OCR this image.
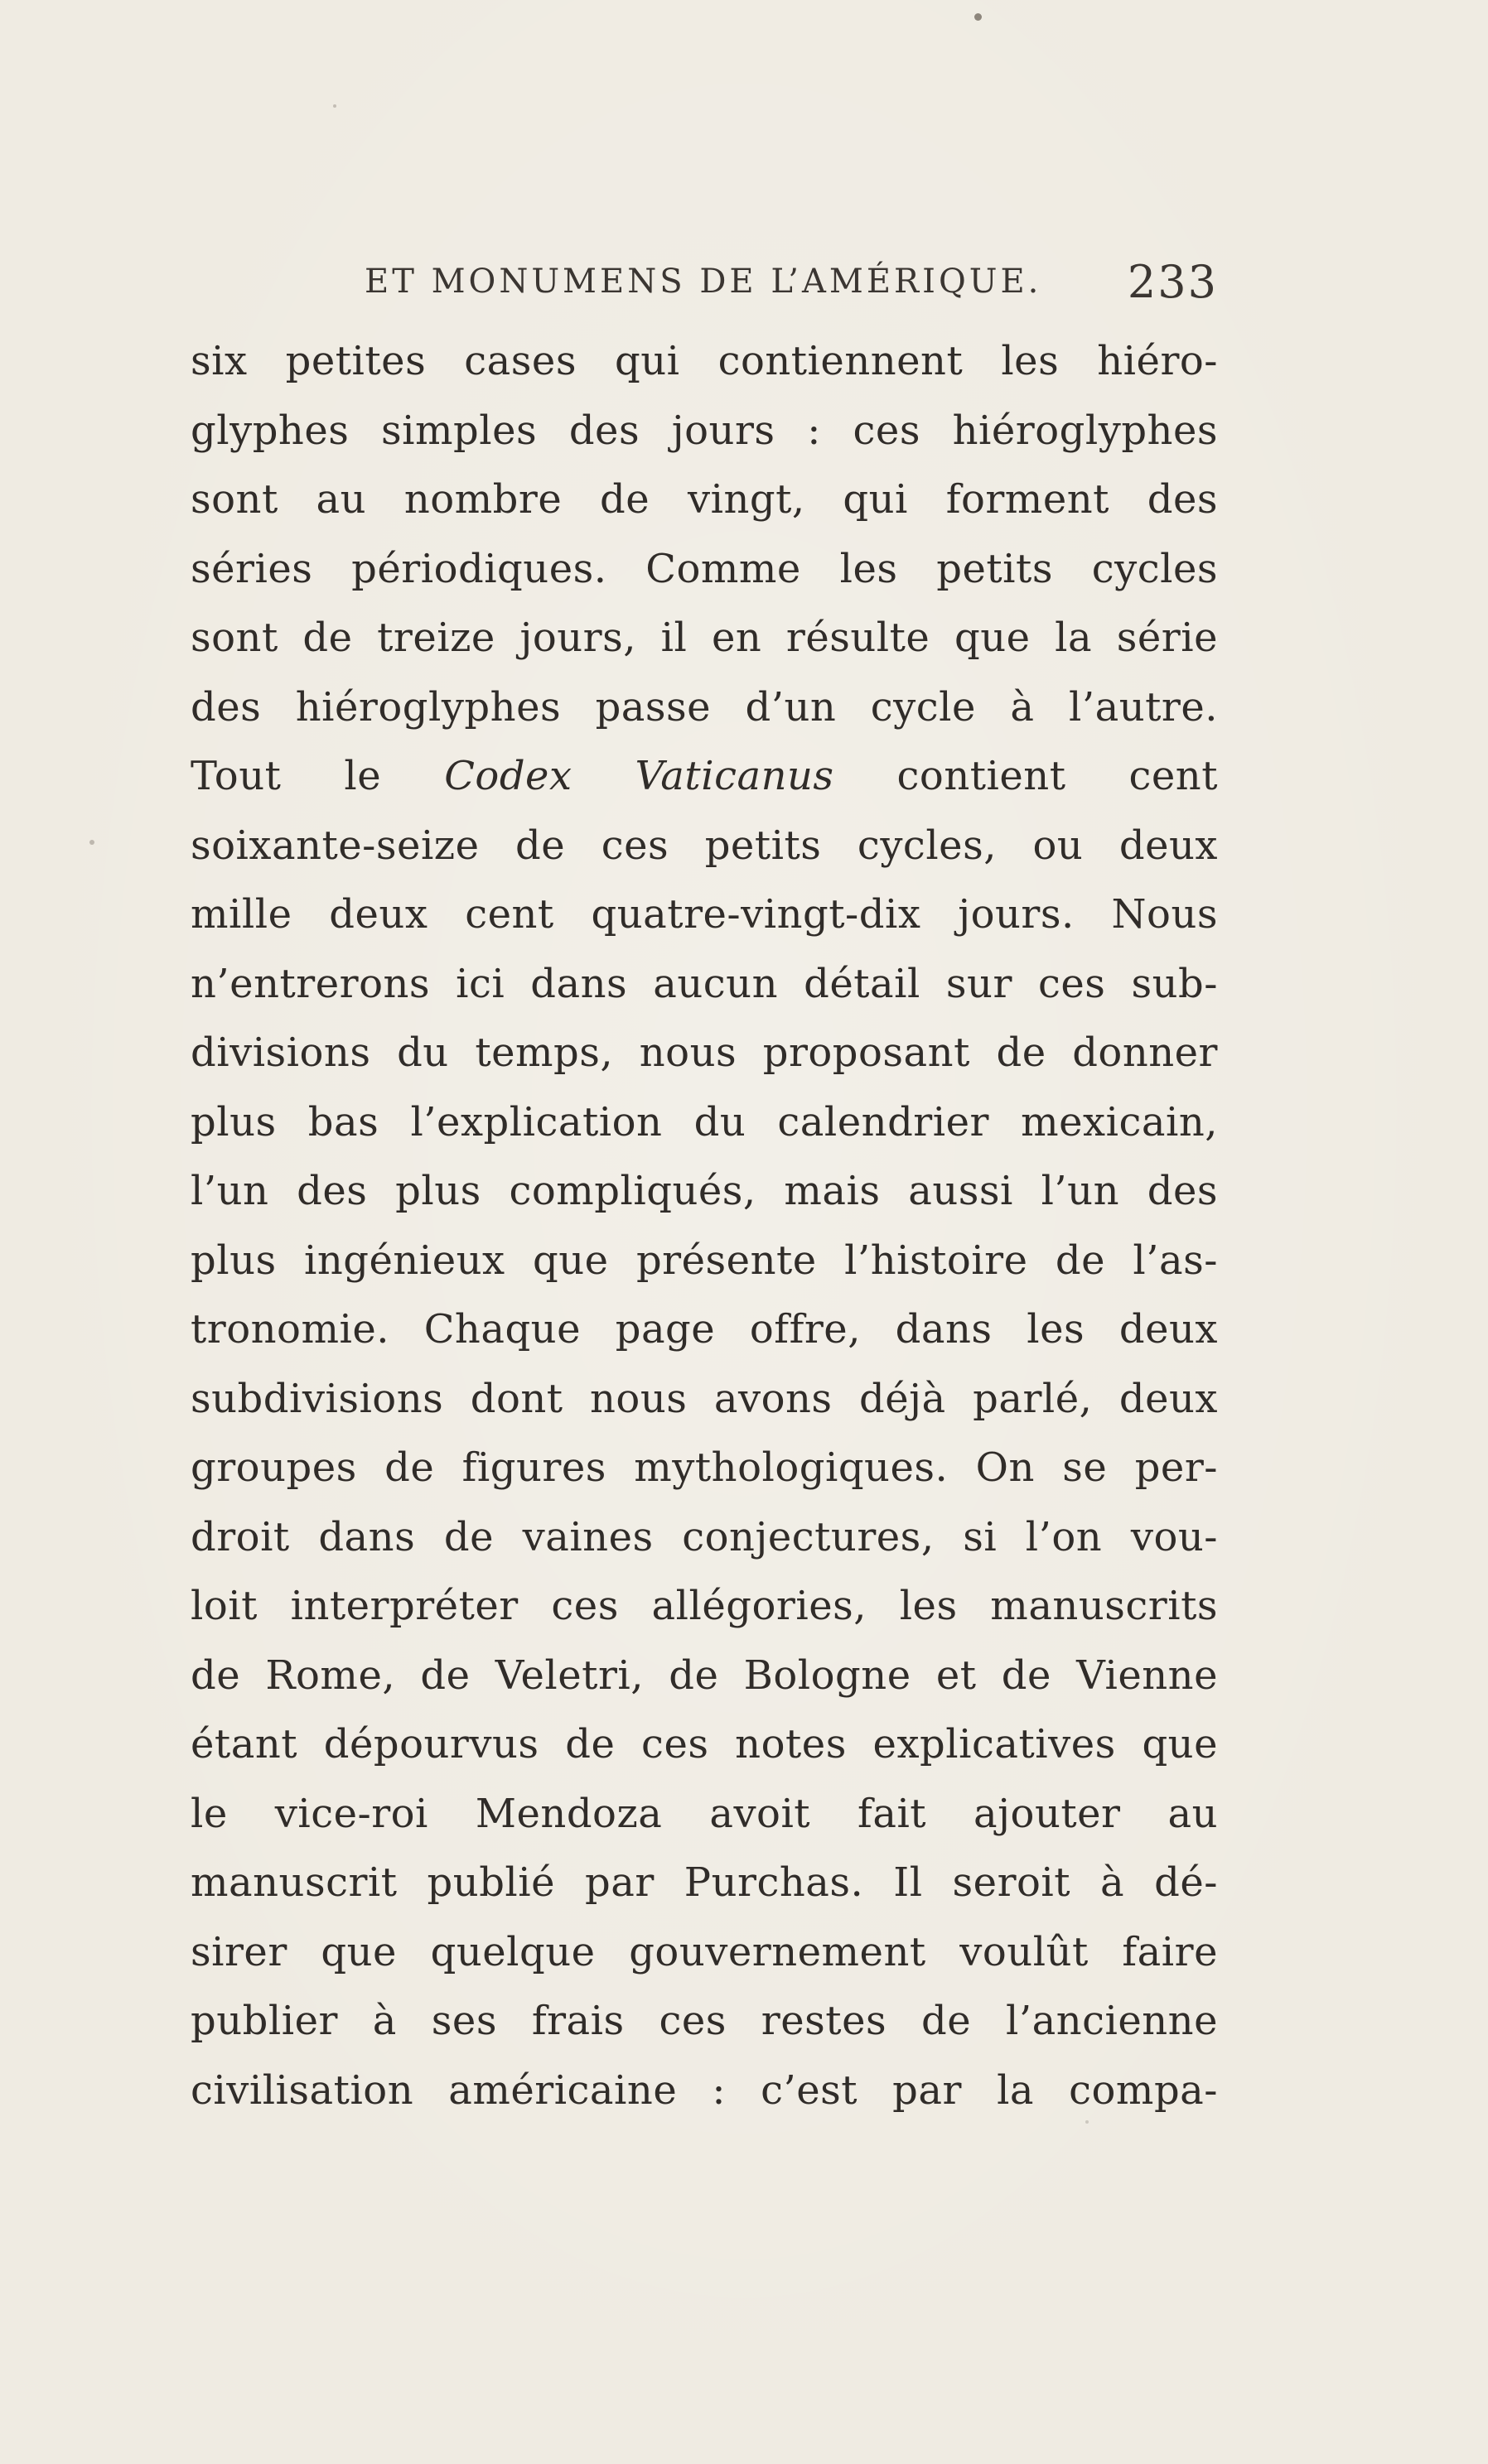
ET MONUMENS DE L’AMÉRIQUE. 233
six petites cases qui contiennent les hiéro-
glyphes simples des jours : ces hiéroglyphes
sont au nombre de vingt, qui forment des
séries périodiques. Comme les petits cycles
sont de treize jours, il en résulte que la série
des hiéroglyphes passe d’un cycle à l’autre.
Tout le Codex Vaticanus contient cent
soixante-seize de ces petits cycles, ou deux
mille deux cent quatre-vingt-dix jours. Nous
n’entrerons ici dans aucun détail sur ces sub-
divisions du temps, nous proposant de donner
plus bas l’explication du calendrier mexicain,
l’un des plus compliqués, mais aussi l’un des
plus ingénieux que présente l’histoire de l’as-
tronomie. Chaque page offre, dans les deux
subdivisions dont nous avons déjà parlé, deux
groupes de figures mythologiques. On se per-
droit dans de vaines conjectures, si l’on vou-
loit interpréter ces allégories, les manuscrits
de Rome, de Veletri, de Bologne et de Vienne
étant dépourvus de ces notes explicatives que
le vice-roi Mendoza avoit fait ajouter au
manuscrit publié par Purchas. Il seroit à dé-
sirer que quelque gouvernement voulût faire
publier à ses frais ces restes de l’ancienne
civilisation américaine : c’est par la compa-
